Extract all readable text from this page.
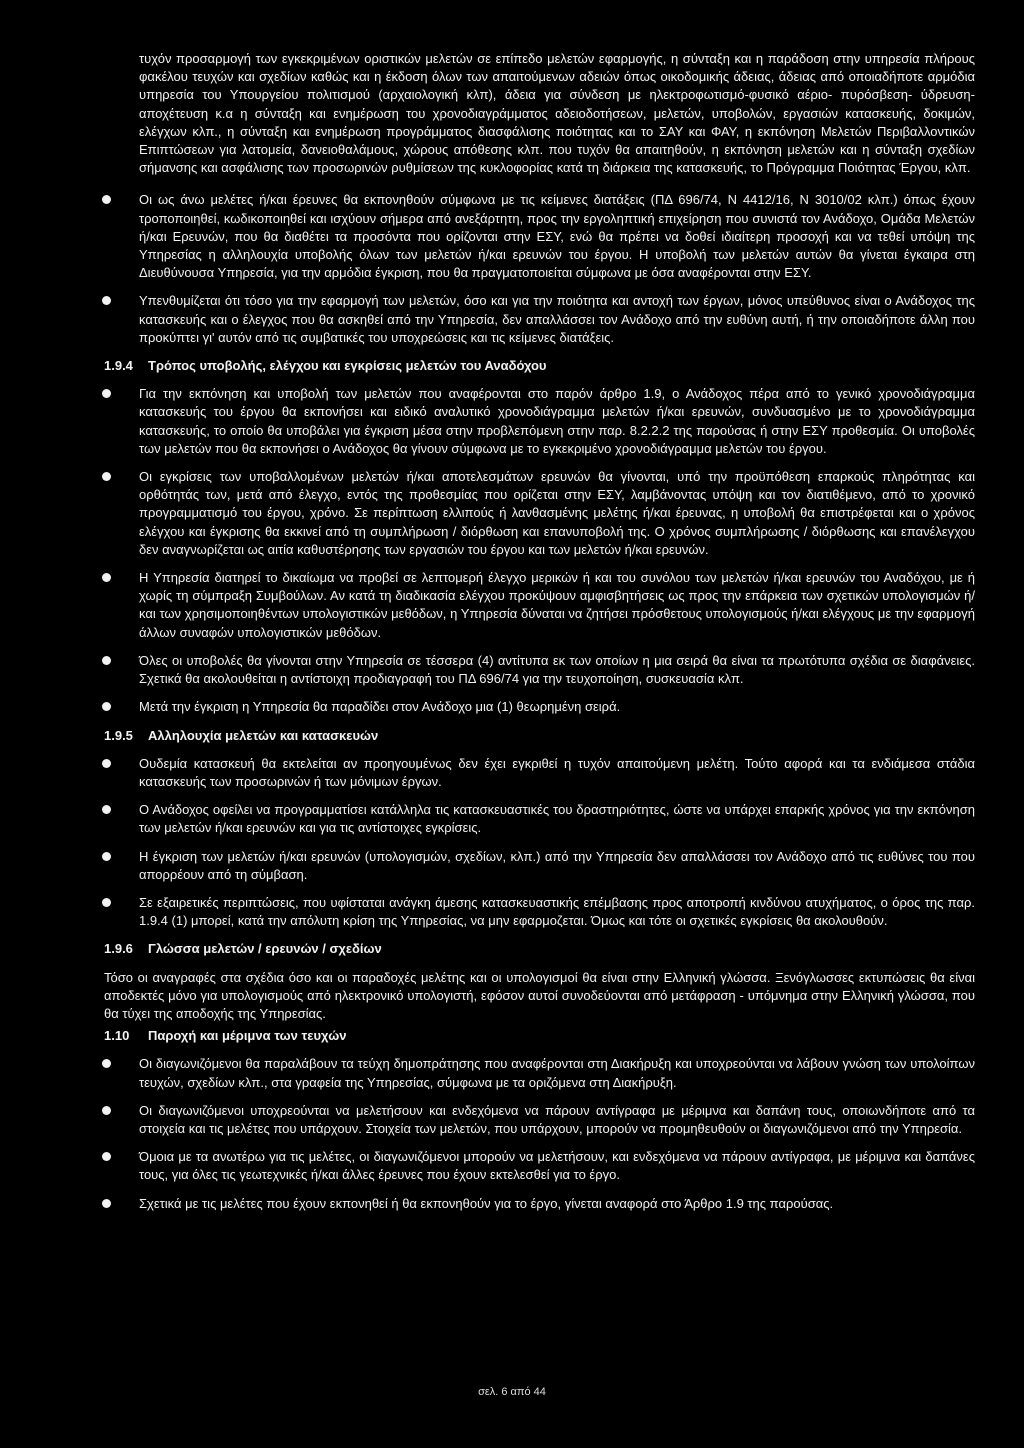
τυχόν προσαρμογή των εγκεκριμένων οριστικών μελετών σε επίπεδο μελετών εφαρμογής, η σύνταξη και η παράδοση στην υπηρεσία πλήρους φακέλου τευχών και σχεδίων καθώς και η έκδοση όλων των απαιτούμενων αδειών όπως οικοδομικής άδειας, άδειας από οποιαδήποτε αρμόδια υπηρεσία του Υπουργείου πολιτισμού (αρχαιολογική κλπ), άδεια για σύνδεση με ηλεκτροφωτισμό-φυσικό αέριο- πυρόσβεση- ύδρευση-αποχέτευση κ.α η σύνταξη και ενημέρωση του χρονοδιαγράμματος αδειοδοτήσεων, μελετών, υποβολών, εργασιών κατασκευής, δοκιμών, ελέγχων κλπ., η σύνταξη και ενημέρωση προγράμματος διασφάλισης ποιότητας και το ΣΑΥ και ΦΑΥ, η εκπόνηση Μελετών Περιβαλλοντικών Επιπτώσεων για λατομεία, δανειοθαλάμους, χώρους απόθεσης κλπ. που τυχόν θα απαιτηθούν, η εκπόνηση μελετών και η σύνταξη σχεδίων σήμανσης και ασφάλισης των προσωρινών ρυθμίσεων της κυκλοφορίας κατά τη διάρκεια της κατασκευής, το Πρόγραμμα Ποιότητας Έργου, κλπ.

Οι ως άνω μελέτες ή/και έρευνες θα εκπονηθούν σύμφωνα με τις κείμενες διατάξεις (ΠΔ 696/74, Ν 4412/16, Ν 3010/02 κλπ.) όπως έχουν τροποποιηθεί, κωδικοποιηθεί και ισχύουν σήμερα από ανεξάρτητη, προς την εργοληπτική επιχείρηση που συνιστά τον Ανάδοχο, Ομάδα Μελετών ή/και Ερευνών, που θα διαθέτει τα προσόντα που ορίζονται στην ΕΣΥ, ενώ θα πρέπει να δοθεί ιδιαίτερη προσοχή και να τεθεί υπόψη της Υπηρεσίας η αλληλουχία υποβολής όλων των μελετών ή/και ερευνών του έργου. Η υποβολή των μελετών αυτών θα γίνεται έγκαιρα στη Διευθύνουσα Υπηρεσία, για την αρμόδια έγκριση, που θα πραγματοποιείται σύμφωνα με όσα αναφέρονται στην ΕΣΥ.

Υπενθυμίζεται ότι τόσο για την εφαρμογή των μελετών, όσο και για την ποιότητα και αντοχή των έργων, μόνος υπεύθυνος είναι ο Ανάδοχος της κατασκευής και ο έλεγχος που θα ασκηθεί από την Υπηρεσία, δεν απαλλάσσει τον Ανάδοχο από την ευθύνη αυτή, ή την οποιαδήποτε άλλη που προκύπτει γι' αυτόν από τις συμβατικές του υποχρεώσεις και τις κείμενες διατάξεις.

1.9.4	Τρόπος υποβολής, ελέγχου και εγκρίσεις μελετών του Αναδόχου

Για την εκπόνηση και υποβολή των μελετών που αναφέρονται στο παρόν άρθρο 1.9, ο Ανάδοχος πέρα από το γενικό χρονοδιάγραμμα κατασκευής του έργου θα εκπονήσει και ειδικό αναλυτικό χρονοδιάγραμμα μελετών ή/και ερευνών, συνδυασμένο με το χρονοδιάγραμμα κατασκευής, το οποίο θα υποβάλει για έγκριση μέσα στην προβλεπόμενη στην παρ. 8.2.2.2 της παρούσας ή στην ΕΣΥ προθεσμία. Οι υποβολές των μελετών που θα εκπονήσει ο Ανάδοχος θα γίνουν σύμφωνα με το εγκεκριμένο χρονοδιάγραμμα μελετών του έργου.

Οι εγκρίσεις των υποβαλλομένων μελετών ή/και αποτελεσμάτων ερευνών θα γίνονται, υπό την προϋπόθεση επαρκούς πληρότητας και ορθότητάς των, μετά από έλεγχο, εντός της προθεσμίας που ορίζεται στην ΕΣΥ, λαμβάνοντας υπόψη και τον διατιθέμενο, από το χρονικό προγραμματισμό του έργου, χρόνο. Σε περίπτωση ελλιπούς ή λανθασμένης μελέτης ή/και έρευνας, η υποβολή θα επιστρέφεται και ο χρόνος ελέγχου και έγκρισης θα εκκινεί από τη συμπλήρωση / διόρθωση και επανυποβολή της. Ο χρόνος συμπλήρωσης / διόρθωσης και επανέλεγχου δεν αναγνωρίζεται ως αιτία καθυστέρησης των εργασιών του έργου και των μελετών ή/και ερευνών.

Η Υπηρεσία διατηρεί το δικαίωμα να προβεί σε λεπτομερή έλεγχο μερικών ή και του συνόλου των μελετών ή/και ερευνών του Αναδόχου, με ή χωρίς τη σύμπραξη Συμβούλων. Αν κατά τη διαδικασία ελέγχου προκύψουν αμφισβητήσεις ως προς την επάρκεια των σχετικών υπολογισμών ή/και των χρησιμοποιηθέντων υπολογιστικών μεθόδων, η Υπηρεσία δύναται να ζητήσει πρόσθετους υπολογισμούς ή/και ελέγχους με την εφαρμογή άλλων συναφών υπολογιστικών μεθόδων.

Όλες οι υποβολές θα γίνονται στην Υπηρεσία σε τέσσερα (4) αντίτυπα εκ των οποίων η μια σειρά θα είναι τα πρωτότυπα σχέδια σε διαφάνειες. Σχετικά θα ακολουθείται η αντίστοιχη προδιαγραφή του ΠΔ 696/74 για την τευχοποίηση, συσκευασία κλπ.

Μετά την έγκριση η Υπηρεσία θα παραδίδει στον Ανάδοχο μια (1) θεωρημένη σειρά.

1.9.5	Αλληλουχία μελετών και κατασκευών

Ουδεμία κατασκευή θα εκτελείται αν προηγουμένως δεν έχει εγκριθεί η τυχόν απαιτούμενη μελέτη. Τούτο αφορά και τα ενδιάμεσα στάδια κατασκευής των προσωρινών ή των μόνιμων έργων.

Ο Ανάδοχος οφείλει να προγραμματίσει κατάλληλα τις κατασκευαστικές του δραστηριότητες, ώστε να υπάρχει επαρκής χρόνος για την εκπόνηση των μελετών ή/και ερευνών και για τις αντίστοιχες εγκρίσεις.

Η έγκριση των μελετών ή/και ερευνών (υπολογισμών, σχεδίων, κλπ.) από την Υπηρεσία δεν απαλλάσσει τον Ανάδοχο από τις ευθύνες του που απορρέουν από τη σύμβαση.

Σε εξαιρετικές περιπτώσεις, που υφίσταται ανάγκη άμεσης κατασκευαστικής επέμβασης προς αποτροπή κινδύνου ατυχήματος, ο όρος της παρ. 1.9.4 (1) μπορεί, κατά την απόλυτη κρίση της Υπηρεσίας, να μην εφαρμοζεται. Όμως και τότε οι σχετικές εγκρίσεις θα ακολουθούν.

1.9.6	Γλώσσα μελετών / ερευνών / σχεδίων

Τόσο οι αναγραφές στα σχέδια όσο και οι παραδοχές μελέτης και οι υπολογισμοί θα είναι στην Ελληνική γλώσσα. Ξενόγλωσσες εκτυπώσεις θα είναι αποδεκτές μόνο για υπολογισμούς από ηλεκτρονικό υπολογιστή, εφόσον αυτοί συνοδεύονται από μετάφραση - υπόμνημα στην Ελληνική γλώσσα, που θα τύχει της αποδοχής της Υπηρεσίας.

1.10	Παροχή και μέριμνα των τευχών

Οι διαγωνιζόμενοι θα παραλάβουν τα τεύχη δημοπράτησης που αναφέρονται στη Διακήρυξη και υποχρεούνται να λάβουν γνώση των υπολοίπων τευχών, σχεδίων κλπ., στα γραφεία της Υπηρεσίας, σύμφωνα με τα οριζόμενα στη Διακήρυξη.

Οι διαγωνιζόμενοι υποχρεούνται να μελετήσουν και ενδεχόμενα να πάρουν αντίγραφα με μέριμνα και δαπάνη τους, οποιωνδήποτε από τα στοιχεία και τις μελέτες που υπάρχουν. Στοιχεία των μελετών, που υπάρχουν, μπορούν να προμηθευθούν οι διαγωνιζόμενοι από την Υπηρεσία.

Όμοια με τα ανωτέρω για τις μελέτες, οι διαγωνιζόμενοι μπορούν να μελετήσουν, και ενδεχόμενα να πάρουν αντίγραφα, με μέριμνα και δαπάνες τους, για όλες τις γεωτεχνικές ή/και άλλες έρευνες που έχουν εκτελεσθεί για το έργο.

Σχετικά με τις μελέτες που έχουν εκπονηθεί ή θα εκπονηθούν για το έργο, γίνεται αναφορά στο Άρθρο 1.9 της παρούσας.

σελ. 6 από 44
